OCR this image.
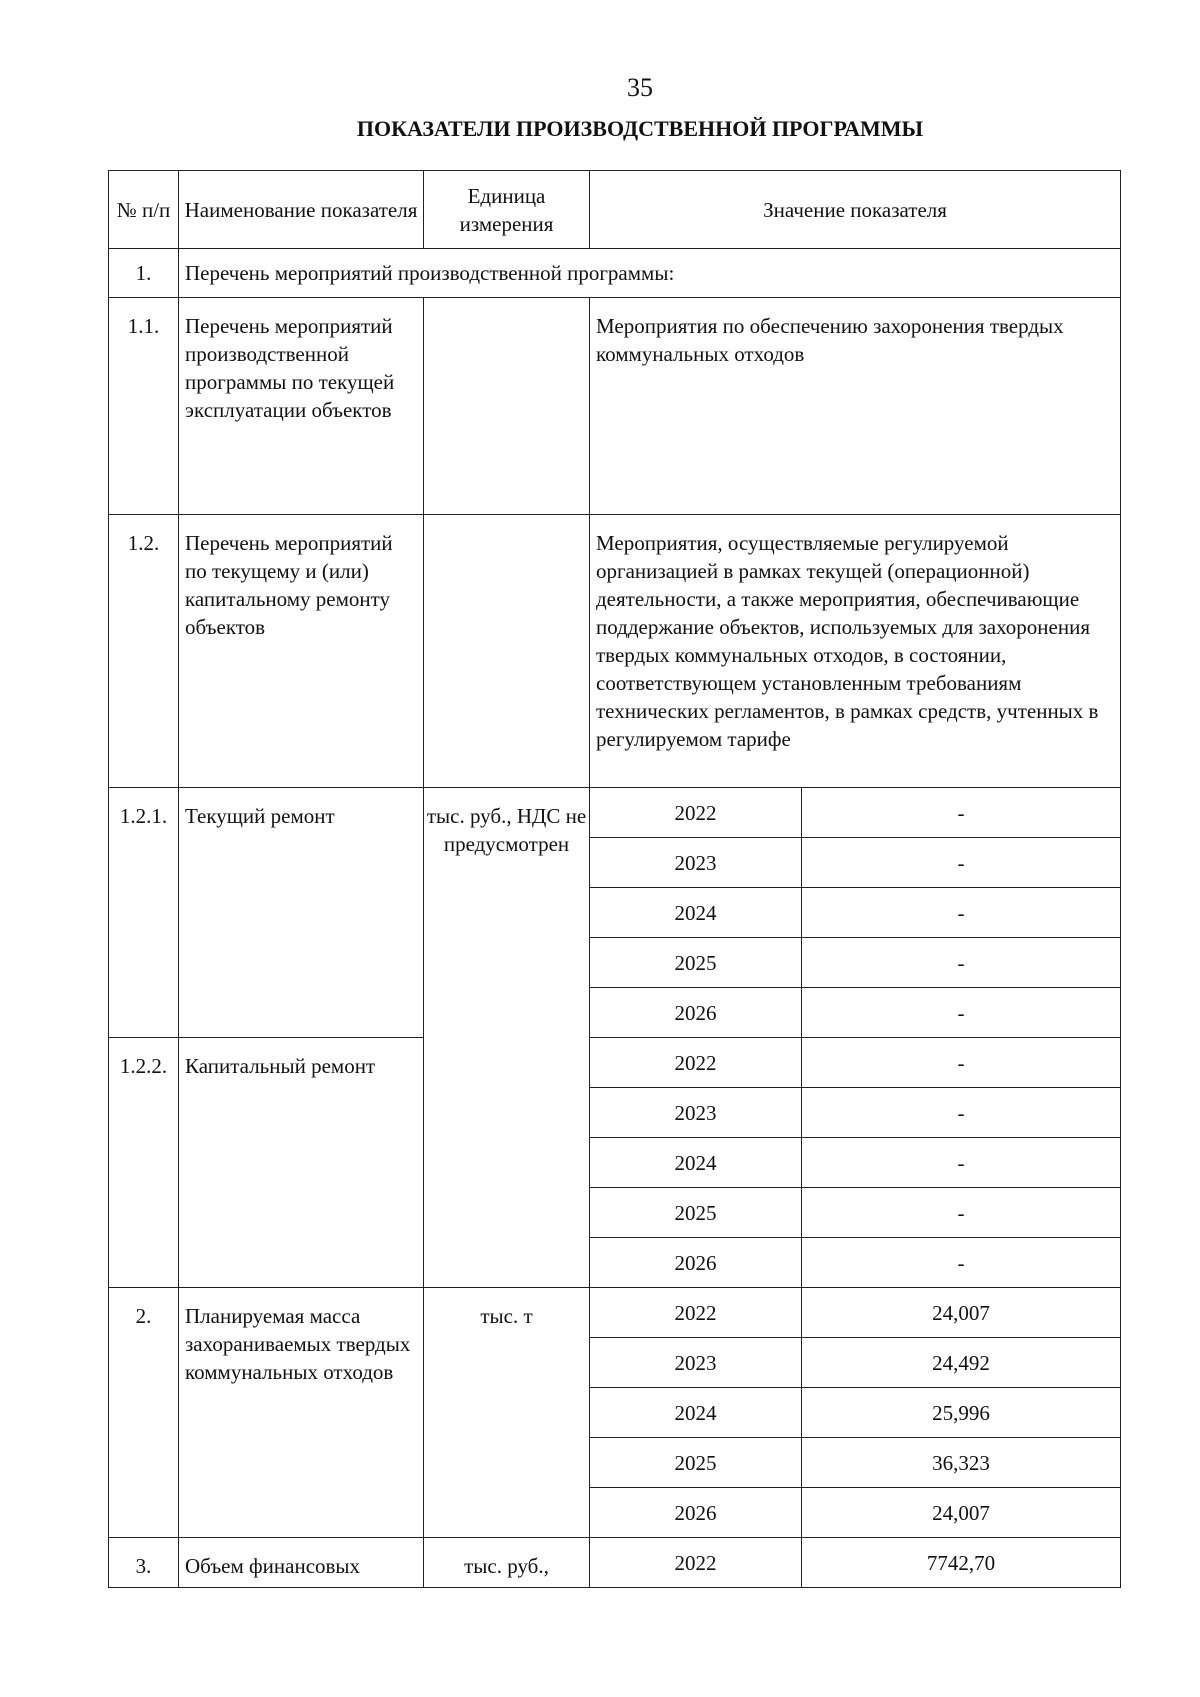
35
ПОКАЗАТЕЛИ ПРОИЗВОДСТВЕННОЙ ПРОГРАММЫ
№ п/п	Наименование показателя	Единица измерения	Значение показателя	
1.	Перечень мероприятий производственной программы:			
1.1.	Перечень мероприятий производственной программы по текущей эксплуатации объектов		Мероприятия по обеспечению захоронения твердых коммунальных отходов	
1.2.	Перечень мероприятий по текущему и (или) капитальному ремонту объектов		Мероприятия, осуществляемые регулируемой организацией в рамках текущей (операционной) деятельности, а также мероприятия, обеспечивающие поддержание объектов, используемых для захоронения твердых коммунальных отходов, в состоянии, соответствующем установленным требованиям технических регламентов, в рамках средств, учтенных в регулируемом тарифе	
1.2.1.	Текущий ремонт	тыс. руб., НДС не предусмотрен	2022	-
			2023	-
			2024	-
			2025	-
			2026	-
1.2.2.	Капитальный ремонт		2022	-
			2023	-
			2024	-
			2025	-
			2026	-
2.	Планируемая масса захораниваемых твердых коммунальных отходов	тыс. т	2022	24,007
			2023	24,492
			2024	25,996
			2025	36,323
			2026	24,007
3.	Объем финансовых	тыс. руб.,	2022	7742,70
